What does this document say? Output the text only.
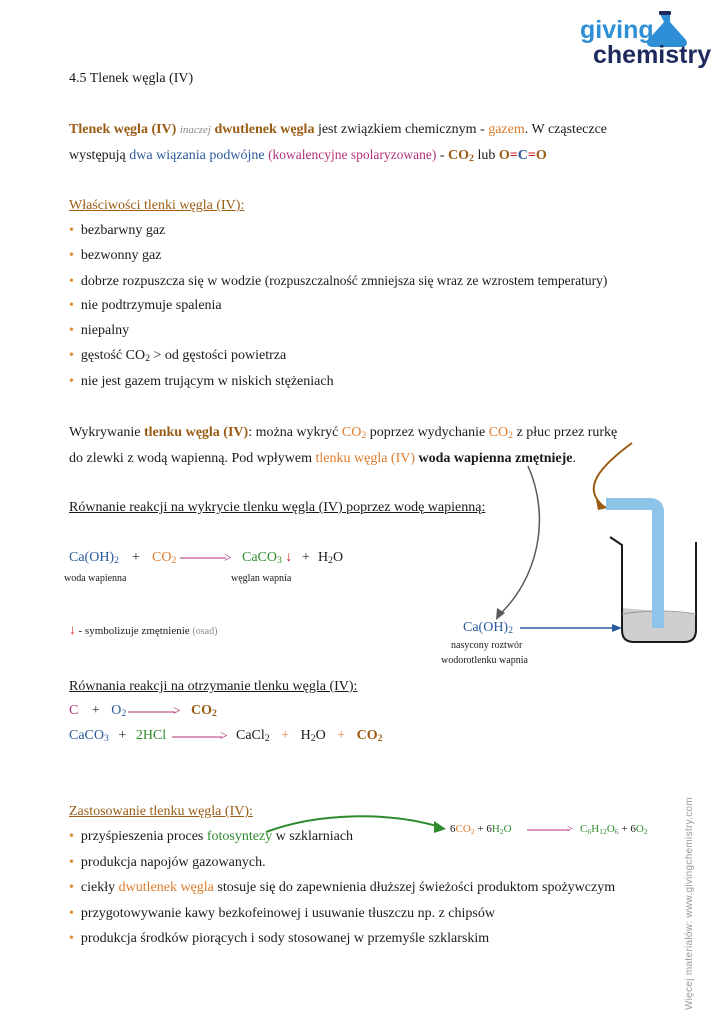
giving
chemistry
4.5 Tlenek węgla (IV)
Tlenek węgla (IV) inaczej dwutlenek węgla jest związkiem chemicznym - gazem. W cząsteczce
występują dwa wiązania podwójne (kowalencyjne spolaryzowane) - $CO_2$ lub O=C=O
Właściwości tlenki węgla (IV):
• bezbarwny gaz
• bezwonny gaz
• dobrze rozpuszcza się w wodzie (rozpuszczalność zmniejsza się wraz ze wzrostem temperatury)
• nie podtrzymuje spalenia
• niepalny
• gęstość $CO_2$ > od gęstości powietrza
• nie jest gazem trującym w niskich stężeniach
Wykrywanie tlenku węgla (IV): można wykryć $CO_2$ poprzez wydychanie $CO_2$ z płuc przez rurkę
do zlewki z wodą wapienną. Pod wpływem tlenku węgla (IV) woda wapienna zmętnieje.
Równanie reakcji na wykrycie tlenku węgla (IV) poprzez wodę wapienną:
$Ca(OH)_2 + CO_2$	> CaCO$_3$ ↓ + $H_2O$
woda wapienna	węglan wapnia
↓ - symbolizuje zmętnienie (osad)	$Ca(OH)_2$
nasycony roztwór
wodorotlenku wapnia
Równania reakcji na otrzymanie tlenku węgla (IV):
$C + O_2$	> $CO_2$
CaCO$_3$ + 2HCl	> CaCl$_2$ + $H_2O + CO_2$
Zastosowanie tlenku węgla (IV):
• przyśpieszenia proces fotosyntezy w szklarniach
• produkcja napojów gazowanych.
• ciekły dwutlenek węgla stosuje się do zapewnienia dłuższej świeżości produktom spożywczym
• przygotowywanie kawy bezkofeinowej i usuwanie tłuszczu np. z chipsów
• produkcja środków piorących i sody stosowanej w przemyśle szklarskim
$6CO_2 + 6H_2O$	> $C_6H_{12}O_6 + 6O_2$	Więcej materiałów: www.givingchemistry.com
